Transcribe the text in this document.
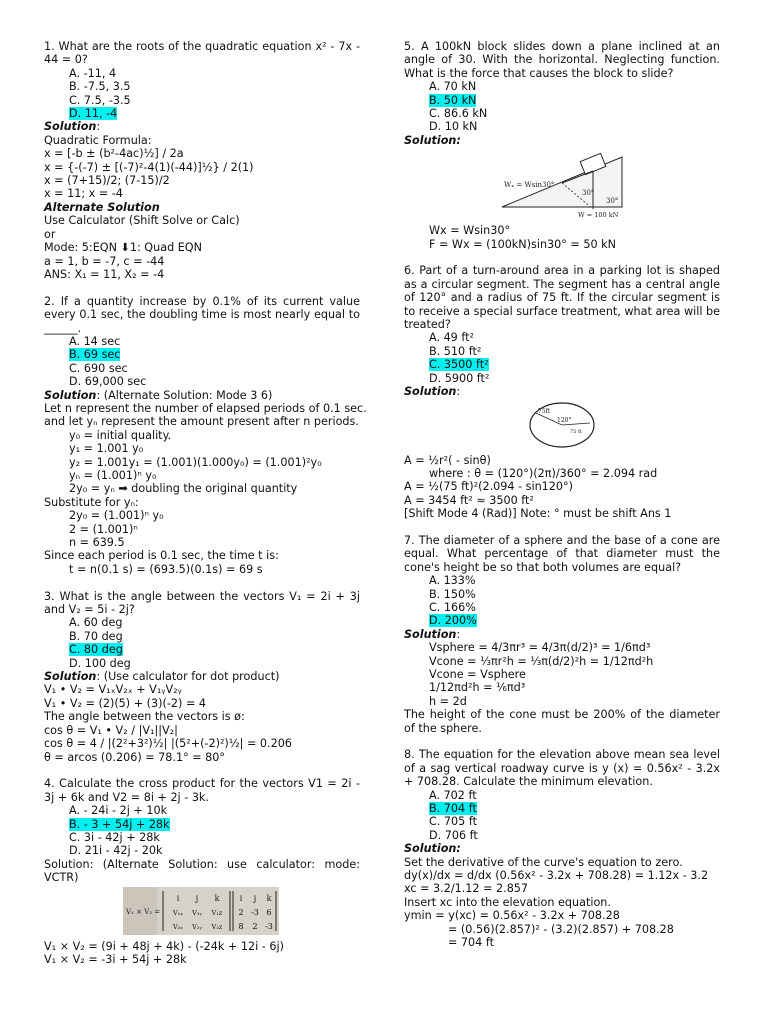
1. What are the roots of the quadratic equation x² - 7x - 44 = 0?
A. -11, 4
B. -7.5, 3.5
C. 7.5, -3.5
D. 11, -4
Solution:
Quadratic Formula:
x = [-b ± (b²-4ac)½] / 2a
x = {-(-7) ± [(-7)²-4(1)(-44)]½} / 2(1)
x = (7+15)/2; (7-15)/2
x = 11; x = -4
Alternate Solution
Use Calculator (Shift Solve or Calc)
or
Mode: 5:EQN ⬇1: Quad EQN
a = 1, b = -7, c = -44
ANS: X₁ = 11, X₂ = -4
2. If a quantity increase by 0.1% of its current value every 0.1 sec, the doubling time is most nearly equal to ______.
A. 14 sec
B. 69 sec
C. 690 sec
D. 69,000 sec
Solution: (Alternate Solution: Mode 3 6)
Let n represent the number of elapsed periods of 0.1 sec.
and let yₙ represent the amount present after n periods.
y₀ = initial quality.
y₁ = 1.001 y₀
y₂ = 1.001y₁ = (1.001)(1.000y₀) = (1.001)²y₀
yₙ = (1.001)ⁿ y₀
2y₀ = yₙ ➡ doubling the original quantity
Substitute for yₙ:
2y₀ = (1.001)ⁿ y₀
2 = (1.001)ⁿ
n = 639.5
Since each period is 0.1 sec, the time t is:
t = n(0.1 s) = (693.5)(0.1s) = 69 s
3. What is the angle between the vectors V₁ = 2i + 3j and V₂ = 5i - 2j?
A. 60 deg
B. 70 deg
C. 80 deg
D. 100 deg
Solution: (Use calculator for dot product)
V₁ • V₂ = V₁ₓV₂ₓ + V₁ᵧV₂ᵧ
V₁ • V₂ = (2)(5) + (3)(-2) = 4
The angle between the vectors is ø:
cos θ = V₁ • V₂ / |V₁||V₂|
cos θ = 4 / |(2²+3²)½| |(5²+(-2)²)½| = 0.206
θ = arcos (0.206) = 78.1° = 80°
4. Calculate the cross product for the vectors V1 = 2i - 3j + 6k and V2 = 8i + 2j - 3k.
A. - 24i - 2j + 10k
B. - 3 + 54j + 28k
C. 3i - 42j + 28k
D. 21i - 42j - 20k
Solution: (Alternate Solution: use calculator: mode: VCTR)
V₁ × V₂ =
i j k	i j k
V₁ₓ V₁ᵧ V₁z 2 -3 6
V₂ₓ V₂ᵧ V₂z 8 2 -3
V₁ × V₂ = (9i + 48j + 4k) - (-24k + 12i - 6j)
V₁ × V₂ = -3i + 54j + 28k
5. A 100kN block slides down a plane inclined at an angle of 30. With the horizontal. Neglecting function. What is the force that causes the block to slide?
A. 70 kN
B. 50 kN
C. 86.6 kN
D. 10 kN
Solution:
Wₓ = Wsin30°
30°
30°
W = 100 kN
Wx = Wsin30°
F = Wx = (100kN)sin30° = 50 kN
6. Part of a turn-around area in a parking lot is shaped as a circular segment. The segment has a central angle of 120° and a radius of 75 ft. If the circular segment is to receive a special surface treatment, what area will be treated?
A. 49 ft²
B. 510 ft²
C. 3500 ft²
D. 5900 ft²
Solution:
75ft
120°
75 ft
A = ½r²( - sinθ)
where : θ = (120°)(2π)/360° = 2.094 rad
A = ½(75 ft)²(2.094 - sin120°)
A = 3454 ft² ≈ 3500 ft²
[Shift Mode 4 (Rad)] Note: ° must be shift Ans 1
7. The diameter of a sphere and the base of a cone are equal. What percentage of that diameter must the cone's height be so that both volumes are equal?
A. 133%
B. 150%
C. 166%
D. 200%
Solution:
Vsphere = 4/3πr³ = 4/3π(d/2)³ = 1/6πd³
Vcone = ⅓πr²h = ⅓π(d/2)²h = 1/12πd²h
Vcone = Vsphere
1/12πd²h = ⅙πd³
h = 2d
The height of the cone must be 200% of the diameter of the sphere.
8. The equation for the elevation above mean sea level of a sag vertical roadway curve is y (x) = 0.56x² - 3.2x + 708.28. Calculate the minimum elevation.
A. 702 ft
B. 704 ft
C. 705 ft
D. 706 ft
Solution:
Set the derivative of the curve's equation to zero.
dy(x)/dx = d/dx (0.56x² - 3.2x + 708.28) = 1.12x - 3.2
xc = 3.2/1.12 = 2.857
Insert xc into the elevation equation.
ymin = y(xc) = 0.56x² - 3.2x + 708.28
= (0.56)(2.857)² - (3.2)(2.857) + 708.28
= 704 ft
